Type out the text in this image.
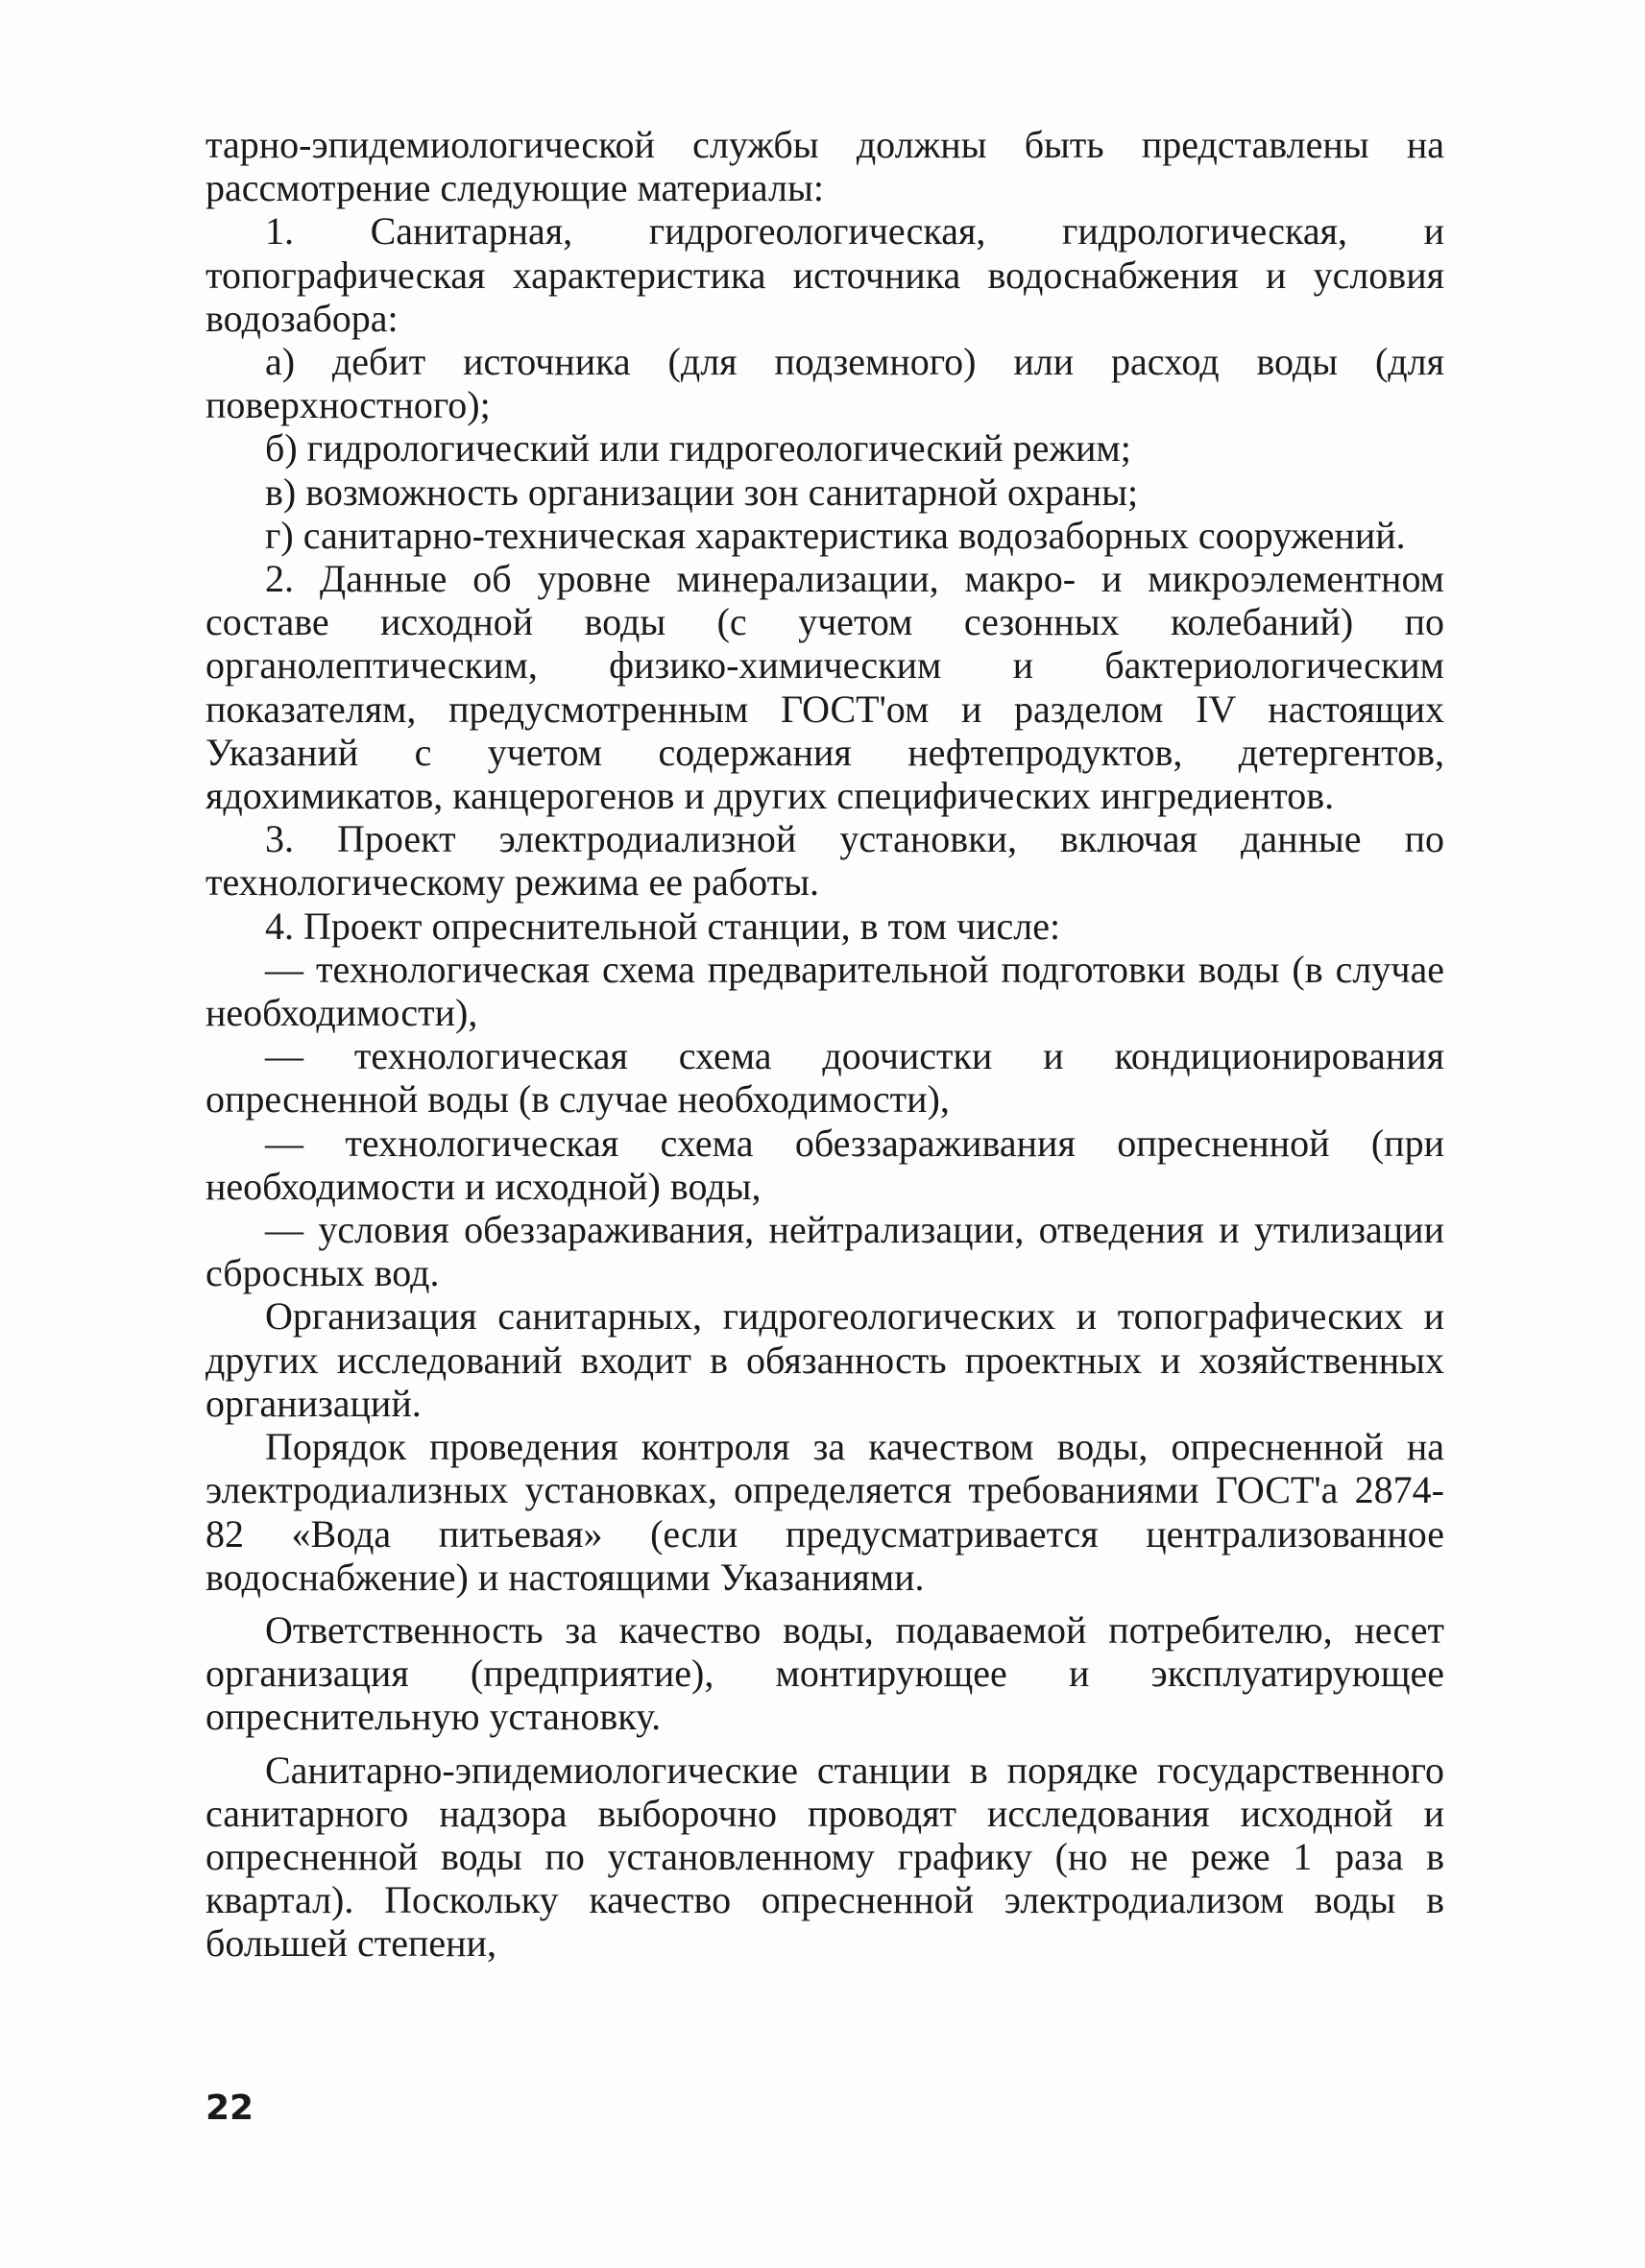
тарно-эпидемиологической службы должны быть представлены на рассмотрение следующие материалы:

1. Санитарная, гидрогеологическая, гидрологическая, и топографическая характеристика источника водоснабжения и условия водозабора:

а) дебит источника (для подземного) или расход воды (для поверхностного);

б) гидрологический или гидрогеологический режим;

в) возможность организации зон санитарной охраны;

г) санитарно-техническая характеристика водозаборных сооружений.

2. Данные об уровне минерализации, макро- и микроэлементном составе исходной воды (с учетом сезонных колебаний) по органолептическим, физико-химическим и бактериологическим показателям, предусмотренным ГОСТ'ом и разделом IV настоящих Указаний с учетом содержания нефтепродуктов, детергентов, ядохимикатов, канцерогенов и других специфических ингредиентов.

3. Проект электродиализной установки, включая данные по технологическому режима ее работы.

4. Проект опреснительной станции, в том числе:

— технологическая схема предварительной подготовки воды (в случае необходимости),

— технологическая схема доочистки и кондиционирования опресненной воды (в случае необходимости),

— технологическая схема обеззараживания опресненной (при необходимости и исходной) воды,

— условия обеззараживания, нейтрализации, отведения и утилизации сбросных вод.

Организация санитарных, гидрогеологических и топографических и других исследований входит в обязанность проектных и хозяйственных организаций.

Порядок проведения контроля за качеством воды, опресненной на электродиализных установках, определяется требованиями ГОСТ'а 2874-82 «Вода питьевая» (если предусматривается централизованное водоснабжение) и настоящими Указаниями.

Ответственность за качество воды, подаваемой потребителю, несет организация (предприятие), монтирующее и эксплуатирующее опреснительную установку.

Санитарно-эпидемиологические станции в порядке государственного санитарного надзора выборочно проводят исследования исходной и опресненной воды по установленному графику (но не реже 1 раза в квартал). Поскольку качество опресненной электродиализом воды в большей степени,

22
